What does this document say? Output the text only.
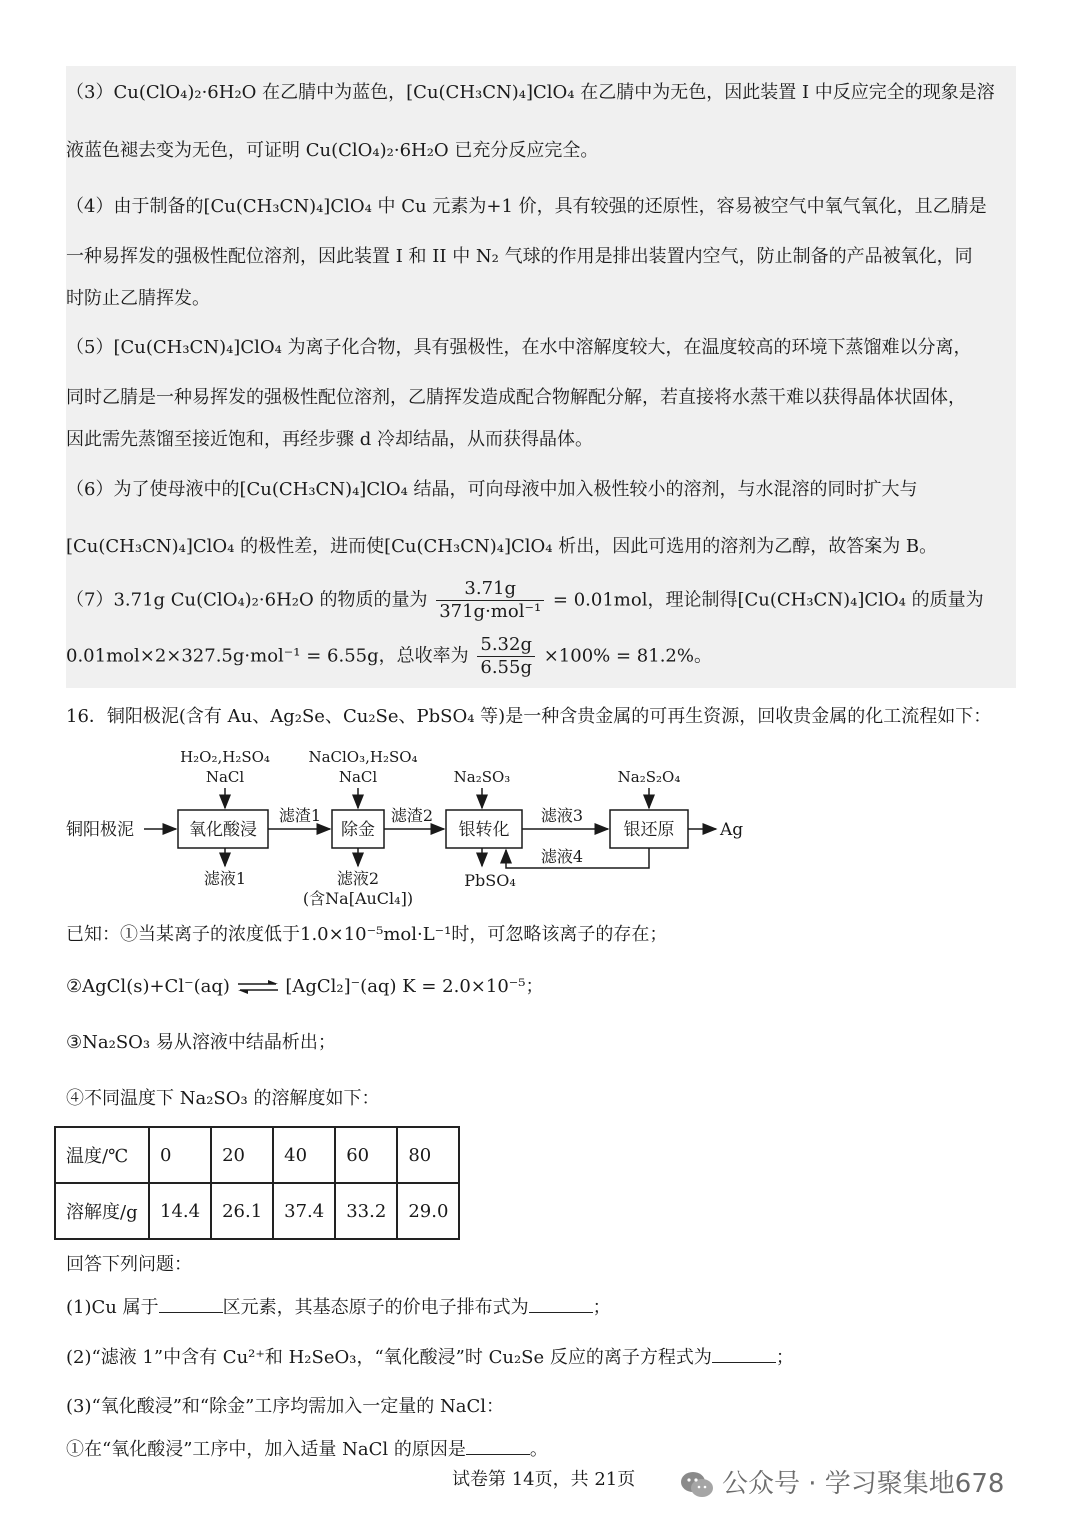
（3）Cu(ClO₄)₂·6H₂O 在乙腈中为蓝色，[Cu(CH₃CN)₄]ClO₄ 在乙腈中为无色，因此装置 I 中反应完全的现象是溶
液蓝色褪去变为无色，可证明 Cu(ClO₄)₂·6H₂O 已充分反应完全。
（4）由于制备的[Cu(CH₃CN)₄]ClO₄ 中 Cu 元素为+1 价，具有较强的还原性，容易被空气中氧气氧化，且乙腈是
一种易挥发的强极性配位溶剂，因此装置 I 和 II 中 N₂ 气球的作用是排出装置内空气，防止制备的产品被氧化，同
时防止乙腈挥发。
（5）[Cu(CH₃CN)₄]ClO₄ 为离子化合物，具有强极性，在水中溶解度较大，在温度较高的环境下蒸馏难以分离，
同时乙腈是一种易挥发的强极性配位溶剂，乙腈挥发造成配合物解配分解，若直接将水蒸干难以获得晶体状固体，
因此需先蒸馏至接近饱和，再经步骤 d 冷却结晶，从而获得晶体。
（6）为了使母液中的[Cu(CH₃CN)₄]ClO₄ 结晶，可向母液中加入极性较小的溶剂，与水混溶的同时扩大与
[Cu(CH₃CN)₄]ClO₄ 的极性差，进而使[Cu(CH₃CN)₄]ClO₄ 析出，因此可选用的溶剂为乙醇，故答案为 B。
（7）3.71g Cu(ClO₄)₂·6H₂O 的物质的量为 $\frac{3.71g}{\text{371g·mol⁻¹}} = 0.01mol$，理论制得[Cu(CH₃CN)₄]ClO₄ 的质量为
0.01mol×2×327.5g·mol⁻¹ = 6.55g，总收率为 $\frac{5.32g}{6.55g} \times 100\% = 81.2\%$。
16．铜阳极泥(含有 Au、Ag₂Se、Cu₂Se、PbSO₄ 等)是一种含贵金属的可再生资源，回收贵金属的化工流程如下：
铜阳极泥	氧化酸浸
H₂O₂,H₂SO₄
NaCl
滤液1
滤渣1
除金
NaClO₃,H₂SO₄
NaCl
滤液2
(含Na[AuCl₄])
滤渣2
银转化
Na₂SO₃
PbSO₄
滤液3
银还原
Na₂S₂O₄
滤液4
Ag
已知：①当某离子的浓度低于1.0×10⁻⁵mol·L⁻¹时，可忽略该离子的存在；
②AgCl(s)+Cl⁻(aq) ⇌ [AgCl₂]⁻(aq) K = 2.0×10⁻⁵；
③Na₂SO₃ 易从溶液中结晶析出；
④不同温度下 Na₂SO₃ 的溶解度如下：
温度/℃	0	20	40	60	80
溶解度/g	14.4	26.1	37.4	33.2	29.0
回答下列问题：
(1)Cu 属于	区元素，其基态原子的价电子排布式为	；
(2)“滤液 1”中含有 Cu²⁺和 H₂SeO₃，“氧化酸浸”时 Cu₂Se 反应的离子方程式为	；
(3)“氧化酸浸”和“除金”工序均需加入一定量的 NaCl：
①在“氧化酸浸”工序中，加入适量 NaCl 的原因是	。
试卷第 14页，共 21页	公众号 · 学习聚集地678
